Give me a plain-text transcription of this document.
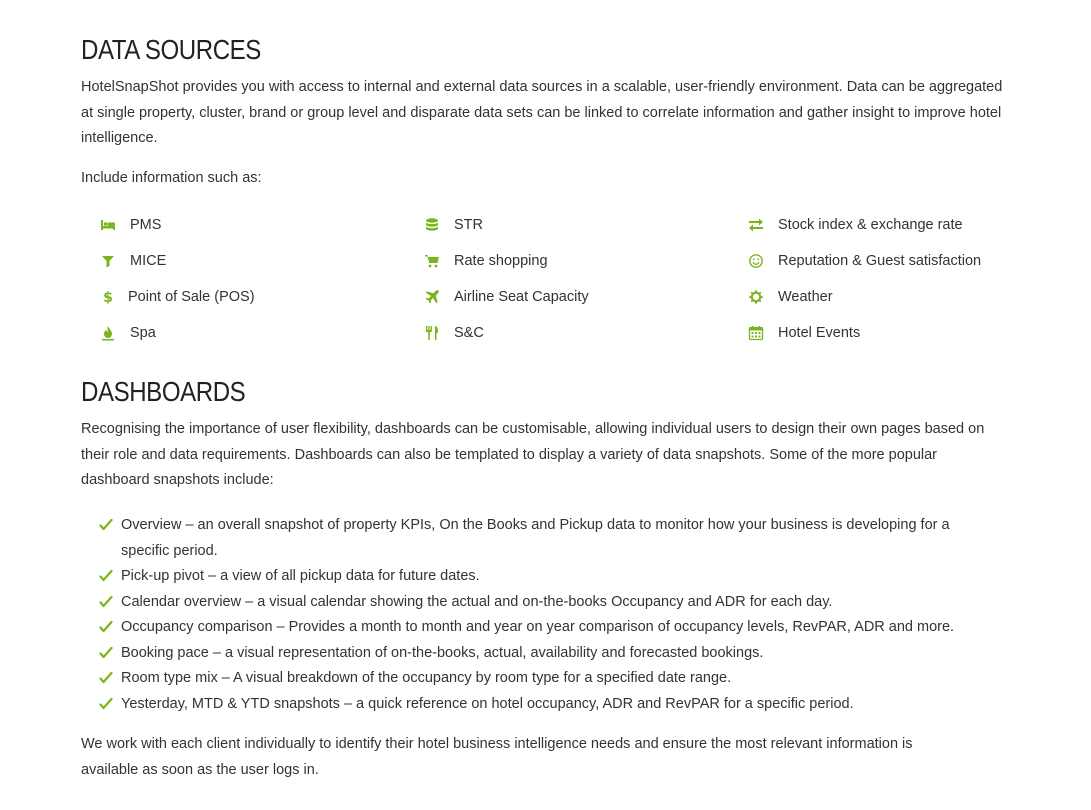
DATA SOURCES

HotelSnapShot provides you with access to internal and external data sources in a scalable, user-friendly environment. Data can be aggregated at single property, cluster, brand or group level and disparate data sets can be linked to correlate information and gather insight to improve hotel intelligence.

Include information such as:

PMS
MICE
$ Point of Sale (POS)
Spa
STR
Rate shopping
Airline Seat Capacity
S&C
Stock index & exchange rate
Reputation & Guest satisfaction
Weather
Hotel Events
DASHBOARDS

Recognising the importance of user flexibility, dashboards can be customisable, allowing individual users to design their own pages based on their role and data requirements. Dashboards can also be templated to display a variety of data snapshots. Some of the more popular dashboard snapshots include:

Overview – an overall snapshot of property KPIs, On the Books and Pickup data to monitor how your business is developing for a specific period.
Pick-up pivot – a view of all pickup data for future dates.
Calendar overview – a visual calendar showing the actual and on-the-books Occupancy and ADR for each day.
Occupancy comparison – Provides a month to month and year on year comparison of occupancy levels, RevPAR, ADR and more.
Booking pace – a visual representation of on-the-books, actual, availability and forecasted bookings.
Room type mix – A visual breakdown of the occupancy by room type for a specified date range.
Yesterday, MTD & YTD snapshots – a quick reference on hotel occupancy, ADR and RevPAR for a specific period.

We work with each client individually to identify their hotel business intelligence needs and ensure the most relevant information is available as soon as the user logs in.
